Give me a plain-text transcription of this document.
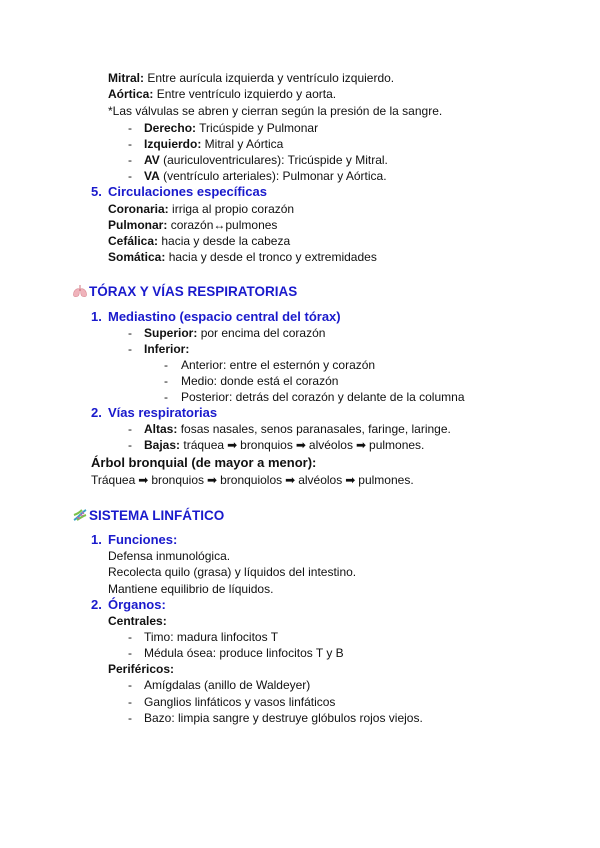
Mitral: Entre aurícula izquierda y ventrículo izquierdo.
Aórtica: Entre ventrículo izquierdo y aorta.
*Las válvulas se abren y cierran según la presión de la sangre.
- Derecho: Tricúspide y Pulmonar
- Izquierdo: Mitral y Aórtica
- AV (auriculoventriculares): Tricúspide y Mitral.
- VA (ventrículo arteriales): Pulmonar y Aórtica.
5. Circulaciones específicas
Coronaria: irriga al propio corazón
Pulmonar: corazón↔pulmones
Cefálica: hacia y desde la cabeza
Somática: hacia y desde el tronco y extremidades
TÓRAX Y VÍAS RESPIRATORIAS
1. Mediastino (espacio central del tórax)
- Superior: por encima del corazón
- Inferior:
- Anterior: entre el esternón y corazón
- Medio: donde está el corazón
- Posterior: detrás del corazón y delante de la columna
2. Vías respiratorias
- Altas: fosas nasales, senos paranasales, faringe, laringe.
- Bajas: tráquea ➡ bronquios ➡ alvéolos ➡ pulmones.
Árbol bronquial (de mayor a menor):
Tráquea ➡ bronquios ➡ bronquiolos ➡ alvéolos ➡ pulmones.
SISTEMA LINFÁTICO
1. Funciones:
Defensa inmunológica.
Recolecta quilo (grasa) y líquidos del intestino.
Mantiene equilibrio de líquidos.
2. Órganos:
Centrales:
- Timo: madura linfocitos T
- Médula ósea: produce linfocitos T y B
Periféricos:
- Amígdalas (anillo de Waldeyer)
- Ganglios linfáticos y vasos linfáticos
- Bazo: limpia sangre y destruye glóbulos rojos viejos.
